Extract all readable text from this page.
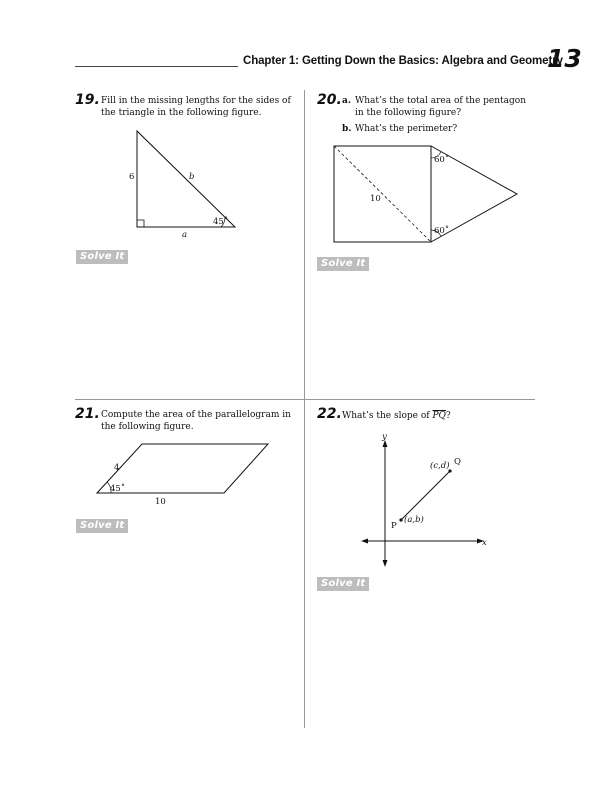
Chapter 1: Getting Down the Basics: Algebra and Geometry
13
19. Fill in the missing lengths for the sides of the triangle in the following figure.
6	b
a
45˚
Solve It
20. a. What’s the total area of the pentagon in the following figure?
b. What’s the perimeter?
10
60˚
60˚
Solve It
21. Compute the area of the parallelogram in the following figure.
4
45˚
10
Solve It
22. What’s the slope of $\overline{PQ}$?
y
x
P
(a,b)
(c,d) Q
Solve It
